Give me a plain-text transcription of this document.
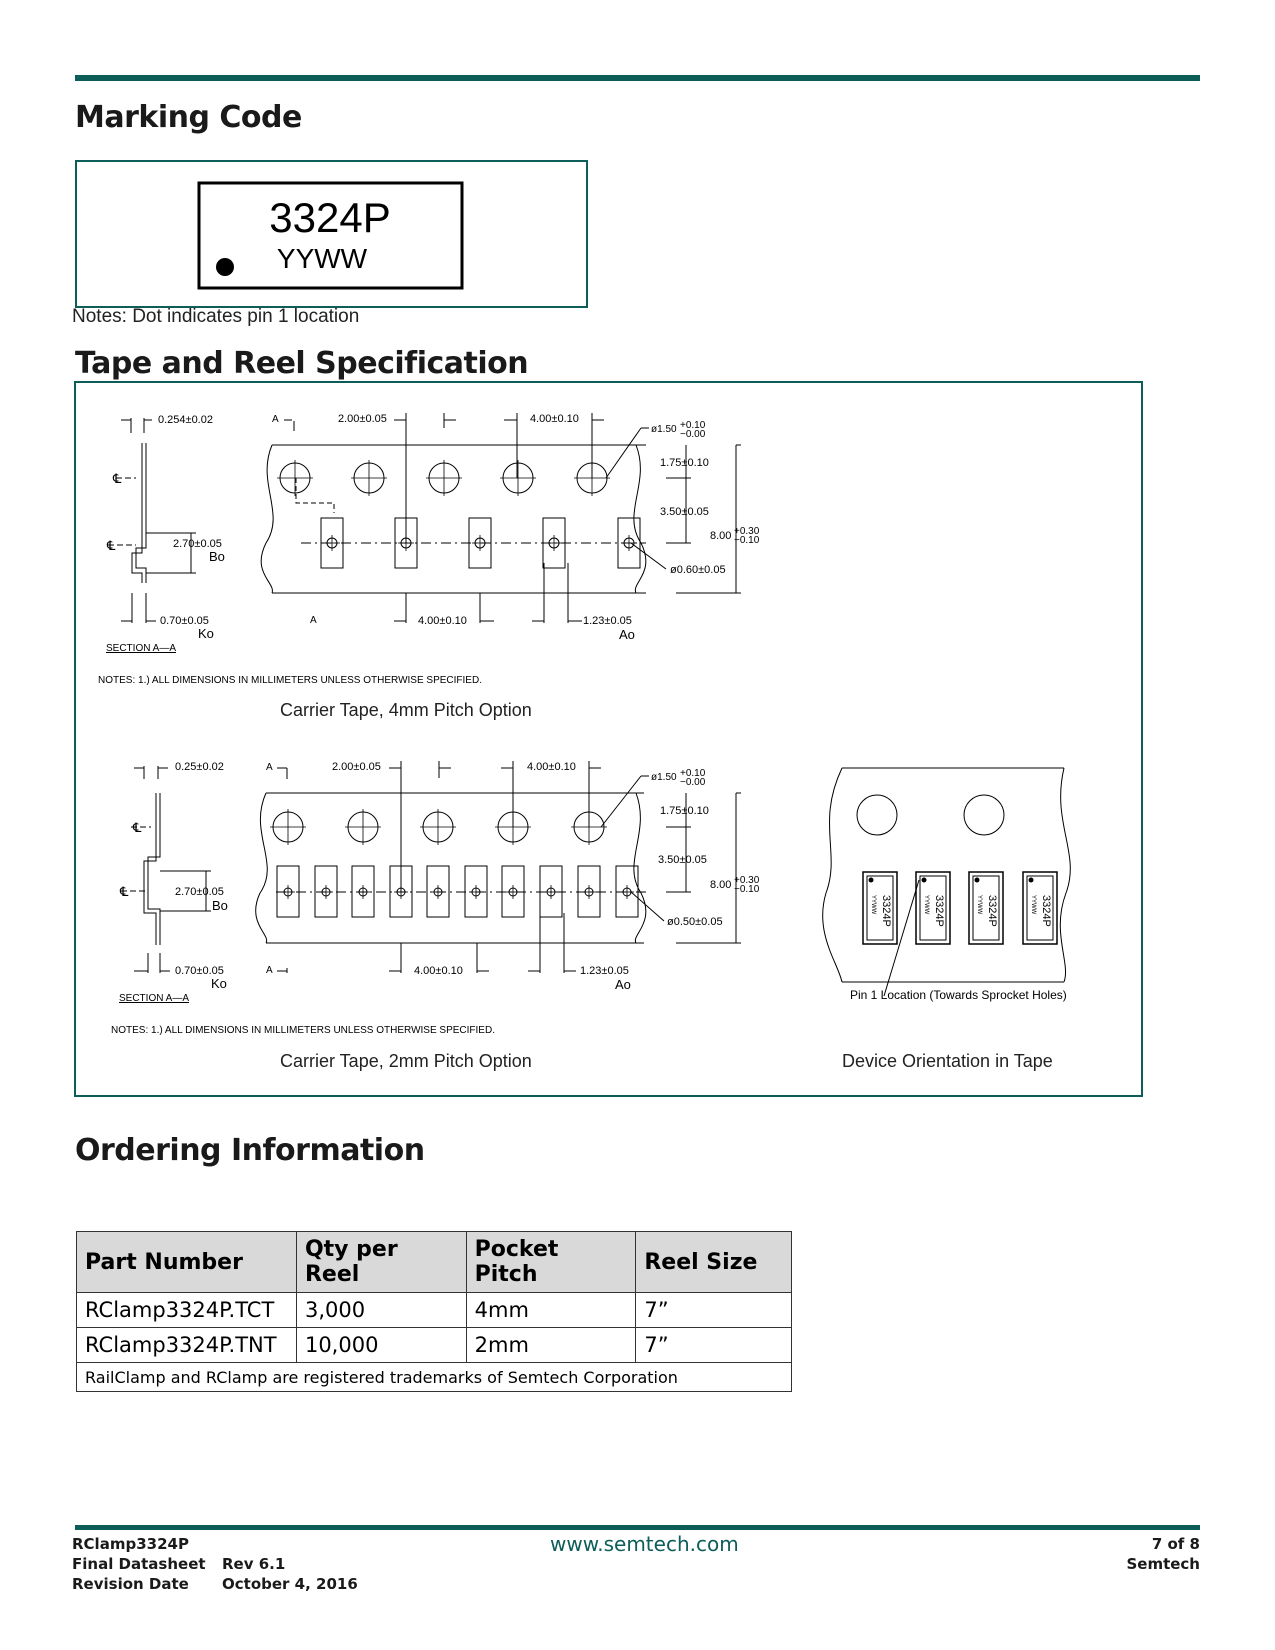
Marking Code
3324P
YYWW
Notes: Dot indicates pin 1 location
Tape and Reel Specification
0.254±0.02
℄
℄	2.70±0.05
Bo
0.70±0.05
Ko
SECTION A—A
A
A
2.00±0.05	4.00±0.10
ø1.50 +0.10
−0.00
1.75±0.10
3.50±0.05
8.00 +0.30
−0.10
ø0.60±0.05
4.00±0.10	1.23±0.05
Ao
NOTES: 1.) ALL DIMENSIONS IN MILLIMETERS UNLESS OTHERWISE SPECIFIED.
Carrier Tape, 4mm Pitch Option
0.25±0.02
℄
℄	2.70±0.05
Bo
0.70±0.05
Ko
SECTION A—A
A
A
2.00±0.05	4.00±0.10
ø1.50 +0.10
−0.00
1.75±0.10
3.50±0.05
8.00 +0.30
−0.10
ø0.50±0.05
4.00±0.10	1.23±0.05
Ao
NOTES: 1.) ALL DIMENSIONS IN MILLIMETERS UNLESS OTHERWISE SPECIFIED.
Carrier Tape, 2mm Pitch Option
3324P
YYWW	3324P
YYWW	3324P
YYWW	3324P
YYWW
Pin 1 Location (Towards Sprocket Holes)
Device Orientation in Tape
Ordering Information
Part Number	Qty per Reel	Pocket Pitch	Reel Size
RClamp3324P.TCT	3,000	4mm	7”
RClamp3324P.TNT	10,000	2mm	7”
RailClamp and RClamp are registered trademarks of Semtech Corporation			
RClamp3324P
Final Datasheet
Revision Date
Rev 6.1
October 4, 2016
www.semtech.com	7 of 8
Semtech
